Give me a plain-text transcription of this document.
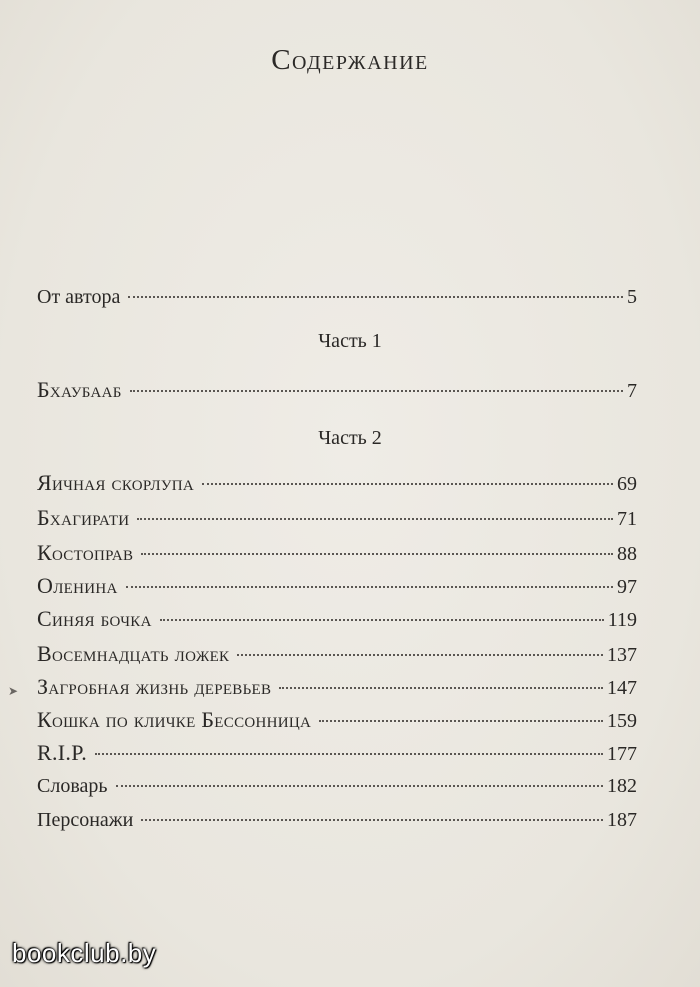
Содержание
От автора	5
Часть 1
Бхаубааб	7
Часть 2
Яичная скорлупа	69
Бхагирати	71
Костоправ	88
Оленина	97
Синяя бочка	119
Восемнадцать ложек	137
Загробная жизнь деревьев	147
Кошка по кличке Бессонница	159
R.I.P.	177
Словарь	182
Персонажи	187
➤
bookclub.by
